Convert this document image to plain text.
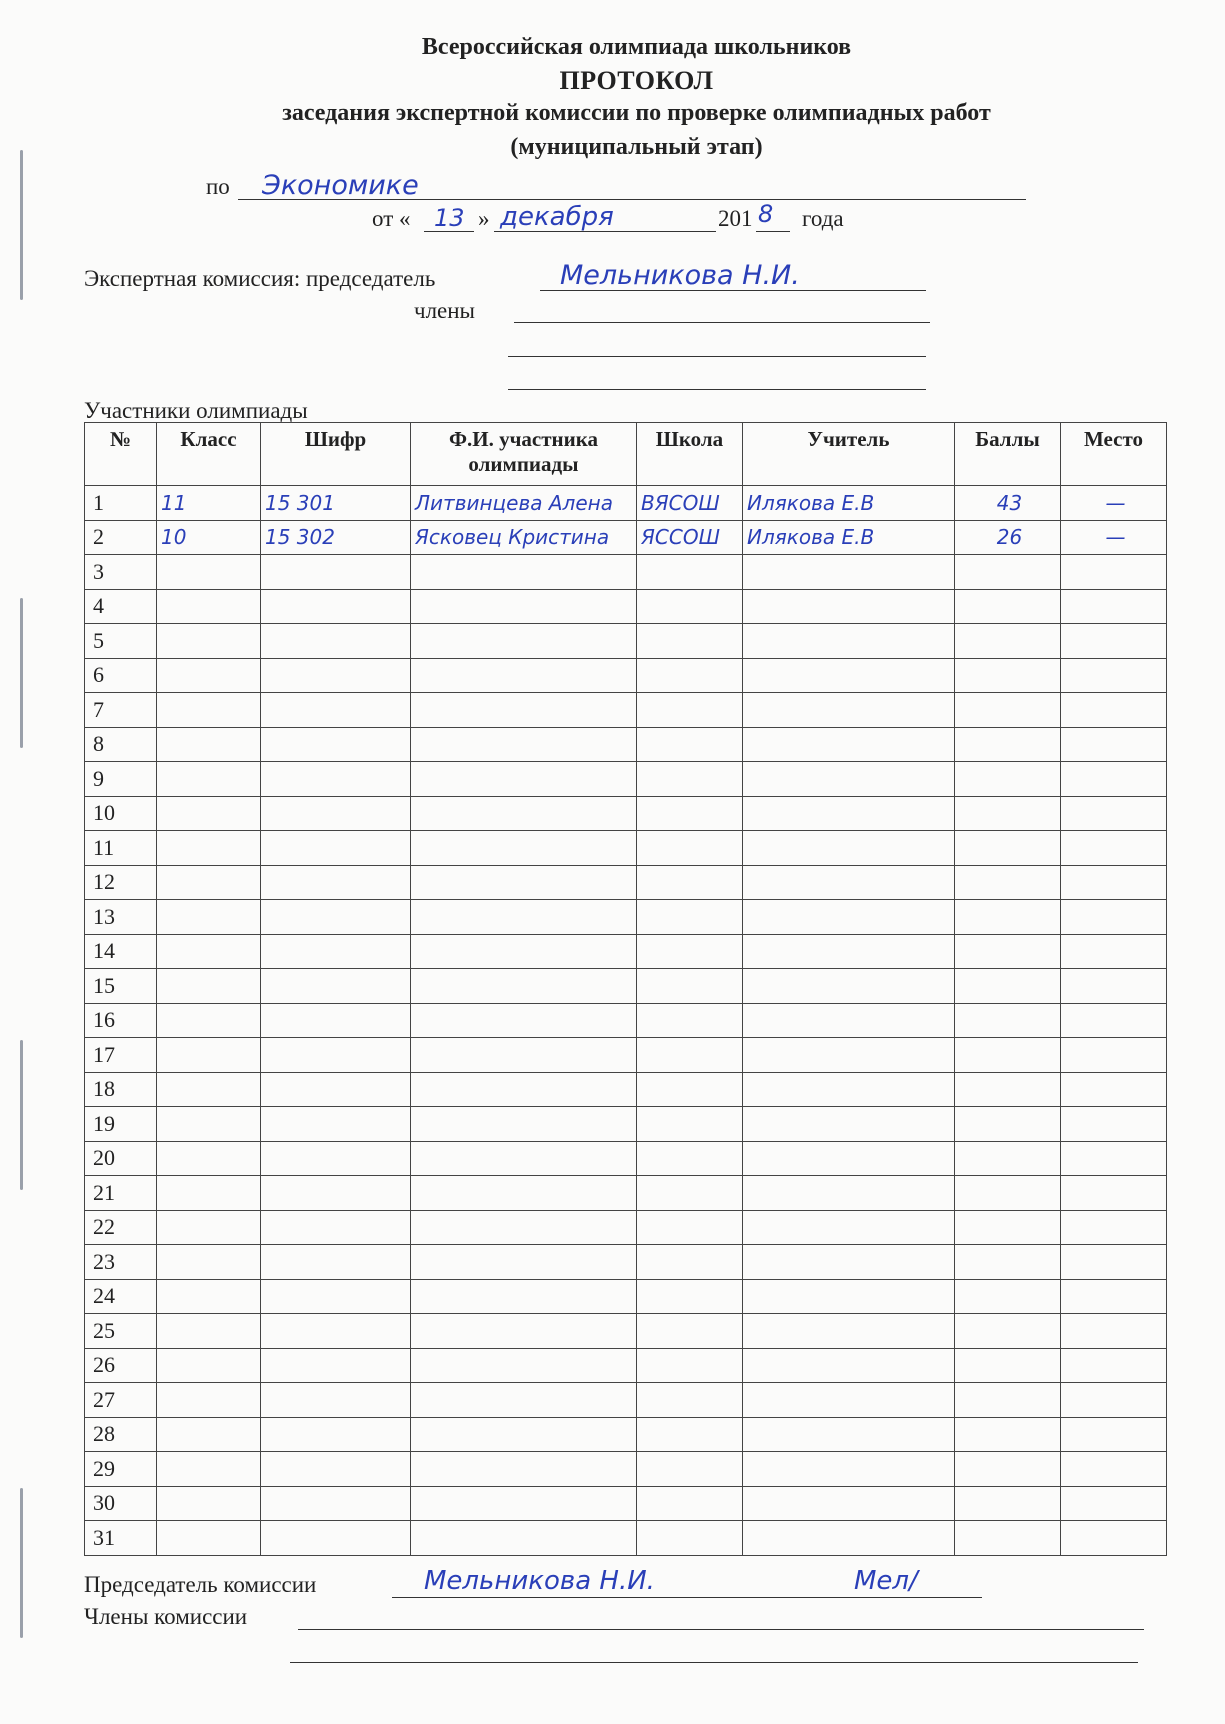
Всероссийская олимпиада школьников
ПРОТОКОЛ
заседания экспертной комиссии по проверке олимпиадных работ
(муниципальный этап)
по Экономике
от « 13 » декабря	201 8 года
Экспертная комиссия: председатель	Мельникова Н.И.
члены
Участники олимпиады
№	Класс	Шифр	Ф.И. участника олимпиады	Школа	Учитель	Баллы	Место
1	11	15 301	Литвинцева Алена	ВЯСОШ	Илякова Е.В	43	—
2	10	15 302	Ясковец Кристина	ЯССОШ	Илякова Е.В	26	—
3							
4							
5							
6							
7							
8							
9							
10							
11							
12							
13							
14							
15							
16							
17							
18							
19							
20							
21							
22							
23							
24							
25							
26							
27							
28							
29							
30							
31							
Председатель комиссии	Мельникова Н.И.	Мел/
Члены комиссии
